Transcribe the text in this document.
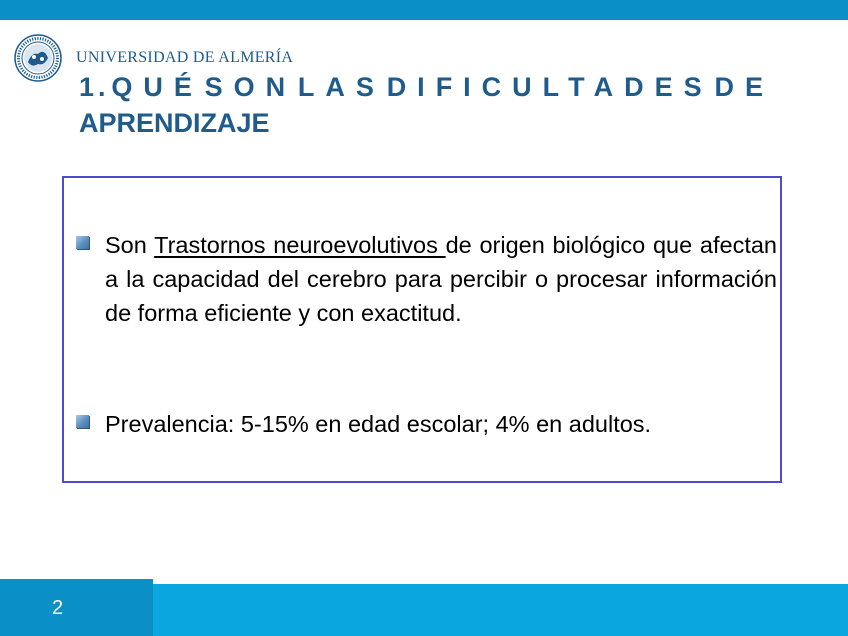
UNIVERSIDAD DE ALMERÍA
1. QUÉ SON LAS DIFICULTADES DE
APRENDIZAJE
Son Trastornos neuroevolutivos de origen biológico que afectan a la capacidad del cerebro para percibir o procesar información de forma eficiente y con exactitud.
Prevalencia: 5-15% en edad escolar; 4% en adultos.
2
